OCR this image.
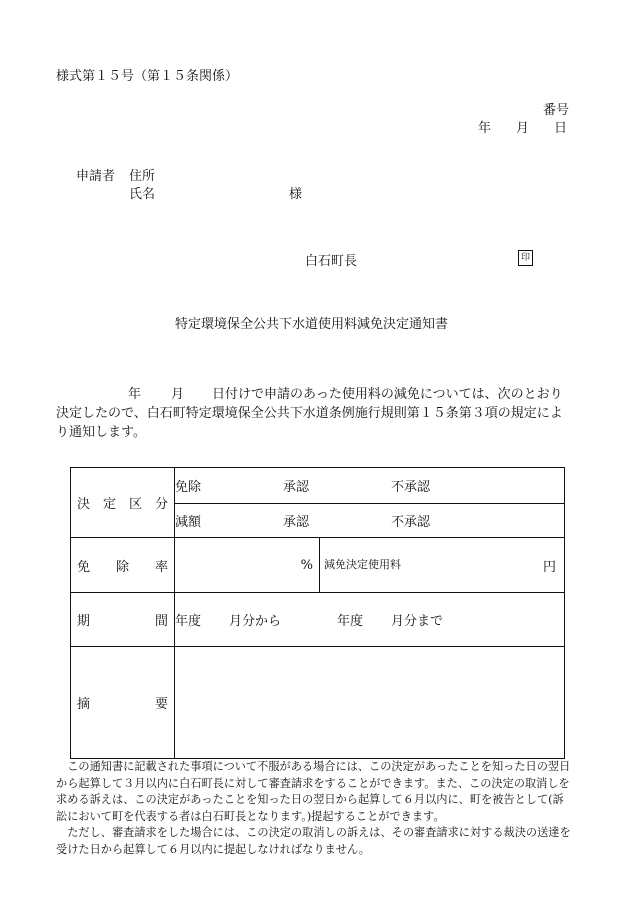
様式第１５号（第１５条関係）
番号
年 月 日
申請者 住所
氏名	様
白石町長	印
特定環境保全公共下水道使用料減免決定通知書
年 月 日付けで申請のあった使用料の減免については、次のとおり決定したので、白石町特定環境保全公共下水道条例施行規則第１５条第３項の規定により通知します。
決 定 区 分	免除 承認 不承認	
	減額 承認 不承認	

免 除 率	%	減免決定使用料 円

期 間	年度 月分から 年度 月分まで	

摘 要		

この通知書に記載された事項について不服がある場合には、この決定があったことを知った日の翌日から起算して３月以内に白石町長に対して審査請求をすることができます。また、この決定の取消しを求める訴えは、この決定があったことを知った日の翌日から起算して６月以内に、町を被告として(訴訟において町を代表する者は白石町長となります。)提起することができます。

ただし、審査請求をした場合には、この決定の取消しの訴えは、その審査請求に対する裁決の送達を受けた日から起算して６月以内に提起しなければなりません。
